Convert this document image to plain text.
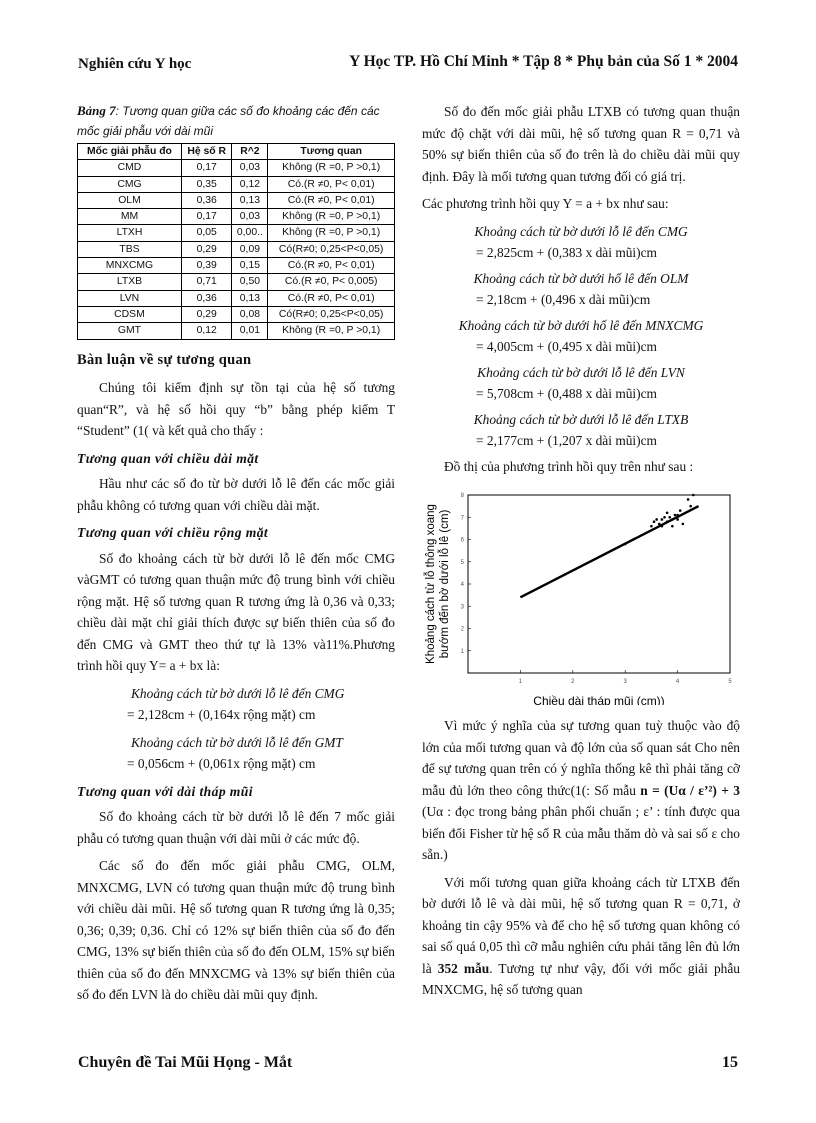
Nghiên cứu Y học	Y Học TP. Hồ Chí Minh * Tập 8 * Phụ bản của Số 1 * 2004
Bảng 7: Tương quan giữa các số đo khoảng các đến các mốc giải phẫu với dài mũi
Mốc giải phẫu đo	Hệ số R	R^2	Tương quan
CMD	0,17	0,03	Không (R =0, P >0,1)
CMG	0,35	0,12	Có.(R ≠0, P< 0,01)
OLM	0,36	0,13	Có.(R ≠0, P< 0,01)
MM	0,17	0,03	Không (R =0, P >0,1)
LTXH	0,05	0,00..	Không (R =0, P >0,1)
TBS	0,29	0,09	Có(R≠0; 0,25<P<0,05)
MNXCMG	0,39	0,15	Có.(R ≠0, P< 0,01)
LTXB	0,71	0,50	Có.(R ≠0, P< 0,005)
LVN	0,36	0,13	Có.(R ≠0, P< 0,01)
CDSM	0,29	0,08	Có(R≠0; 0,25<P<0,05)
GMT	0,12	0,01	Không (R =0, P >0,1)
Bàn luận về sự tương quan

Chúng tôi kiểm định sự tồn tại của hệ số tương quan“R”, và hệ số hồi quy “b” bằng phép kiểm T “Student” (1( và kết quả cho thấy :

Tương quan với chiều dài mặt

Hầu như các số đo từ bờ dưới lỗ lê đến các mốc giải phẫu không có tương quan với chiều dài mặt.

Tương quan với chiều rộng mặt

Số đo khoảng cách từ bờ dưới lỗ lê đến mốc CMG vàGMT có tương quan thuận mức độ trung bình với chiều rộng mặt. Hệ số tương quan R tương ứng là 0,36 và 0,33; chiều dài mặt chỉ giải thích được sự biến thiên của số đo đến CMG và GMT theo thứ tự là 13% và11%.Phương trình hồi quy Y= a + bx là:

Khoảng cách từ bờ dưới lỗ lê đến CMG
= 2,128cm + (0,164x rộng mặt) cm
Khoảng cách từ bờ dưới lỗ lê đến GMT
= 0,056cm + (0,061x rộng mặt) cm
Tương quan với dài tháp mũi

Số đo khoảng cách từ bờ dưới lỗ lê đến 7 mốc giải phẫu có tương quan thuận với dài mũi ở các mức độ.

Các số đo đến mốc giải phẫu CMG, OLM, MNXCMG, LVN có tương quan thuận mức độ trung bình với chiều dài mũi. Hệ số tương quan R tương ứng là 0,35; 0,36; 0,39; 0,36. Chỉ có 12% sự biến thiên của số đo đến CMG, 13% sự biến thiên của số đo đến OLM, 15% sự biến thiên của số đo đến MNXCMG và 13% sự biến thiên của số đo đến LVN là do chiều dài mũi quy định.

Số đo đến mốc giải phẫu LTXB có tương quan thuận mức độ chặt với dài mũi, hệ số tương quan R = 0,71 và 50% sự biến thiên của số đo trên là do chiều dài mũi quy định. Đây là mối tương quan tương đối có giá trị.

Các phương trình hồi quy Y = a + bx như sau:

Khoảng cách từ bờ dưới lỗ lê đến CMG
= 2,825cm + (0,383 x dài mũi)cm
Khoảng cách từ bờ dưới hố lê đến OLM
= 2,18cm + (0,496 x dài mũi)cm
Khoảng cách từ bờ dưới hố lê đến MNXCMG
= 4,005cm + (0,495 x dài mũi)cm
Khoảng cách từ bờ dưới lỗ lê đến LVN
= 5,708cm + (0,488 x dài mũi)cm
Khoảng cách từ bờ dưới lỗ lê đến LTXB
= 2,177cm + (1,207 x dài mũi)cm

Đồ thị của phương trình hồi quy trên như sau :

1	2	3	4	5
1
2
3
4
5
6
7
8
Chiều dài tháp mũi (cm))
Khoảng cách từ lỗ thông xoang bướm đến bờ dưới lỗ lê (cm)

Vì mức ý nghĩa của sự tương quan tuỳ thuộc vào độ lớn của mối tương quan và độ lớn của số quan sát Cho nên để sự tương quan trên có ý nghĩa thống kê thì phải tăng cỡ mẫu đủ lớn theo công thức(1(: Số mẫu n = (Uα / ε’²) + 3 (Uα : đọc trong bảng phân phối chuẩn ; ε’ : tính được qua biến đổi Fisher từ hệ số R của mẫu thăm dò và sai số ε cho sẵn.)

Với mối tương quan giữa khoảng cách từ LTXB đến bờ dưới lỗ lê và dài mũi, hệ số tương quan R = 0,71, ở khoảng tin cậy 95% và để cho hệ số tương quan không có sai số quá 0,05 thì cỡ mẫu nghiên cứu phải tăng lên đủ lớn là 352 mẫu. Tương tự như vậy, đối với mốc giải phẫu MNXCMG, hệ số tương quan

Chuyên đề Tai Mũi Họng - Mắt	15
